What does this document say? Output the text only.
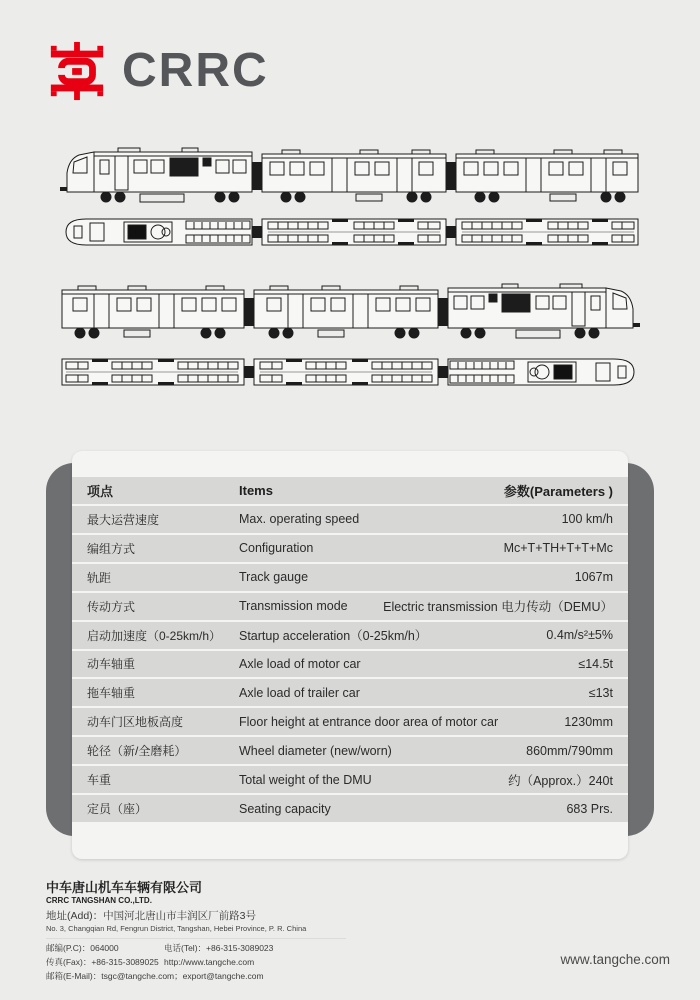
CRRC
项点	Items	参数(Parameters )
最大运营速度	Max. operating speed	100 km/h
编组方式	Configuration	Mc+T+TH+T+T+Mc
轨距	Track gauge	1067m
传动方式	Transmission mode	Electric transmission 电力传动（DEMU）
启动加速度（0-25km/h）	Startup acceleration（0-25km/h）	0.4m/s²±5%
动车轴重	Axle load of motor car	≤14.5t
拖车轴重	Axle load of trailer car	≤13t
动车门区地板高度	Floor height at entrance door area of motor car	1230mm
轮径（新/全磨耗）	Wheel diameter (new/worn)	860mm/790mm
车重	Total weight of the DMU	约（Approx.）240t
定员（座）	Seating capacity	683 Prs.
中车唐山机车车辆有限公司
CRRC TANGSHAN CO.,LTD.
地址(Add)：中国河北唐山市丰润区厂前路3号
No. 3, Changqian Rd, Fengrun District, Tangshan, Hebei Province, P. R. China
邮编(P.C)：064000	电话(Tel)：+86-315-3089023
传真(Fax)：+86-315-3089025 http://www.tangche.com
邮箱(E-Mail)：tsgc@tangche.com；export@tangche.com
www.tangche.com
